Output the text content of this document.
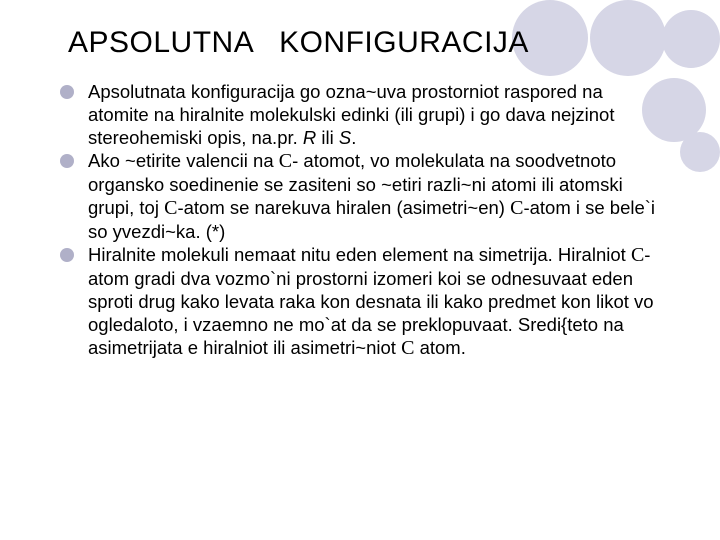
APSOLUTNA   KONFIGURACIJA
Apsolutnata konfiguracija go ozna~uva prostorniot raspored na atomite na hiralnite molekulski edinki (ili grupi) i go dava nejzinot stereohemiski opis, na.pr. R ili S.
Ako ~etirite valencii na C- atomot, vo molekulata na soodvetnoto organsko soedinenie se zasiteni so ~etiri razli~ni atomi ili atomski grupi, toj C-atom se narekuva hiralen (asimetri~en) C-atom i se bele`i so yvezdi~ka. (*)
Hiralnite molekuli nemaat nitu eden element na simetrija. Hiralniot C-atom gradi dva vozmo`ni prostorni izomeri koi se odnesuvaat eden sproti drug kako levata raka kon desnata ili kako predmet kon likot vo ogledaloto, i vzaemno ne mo`at da se preklopuvaat. Sredi{teto na asimetrijata e hiralniot ili asimetri~niot C atom.
